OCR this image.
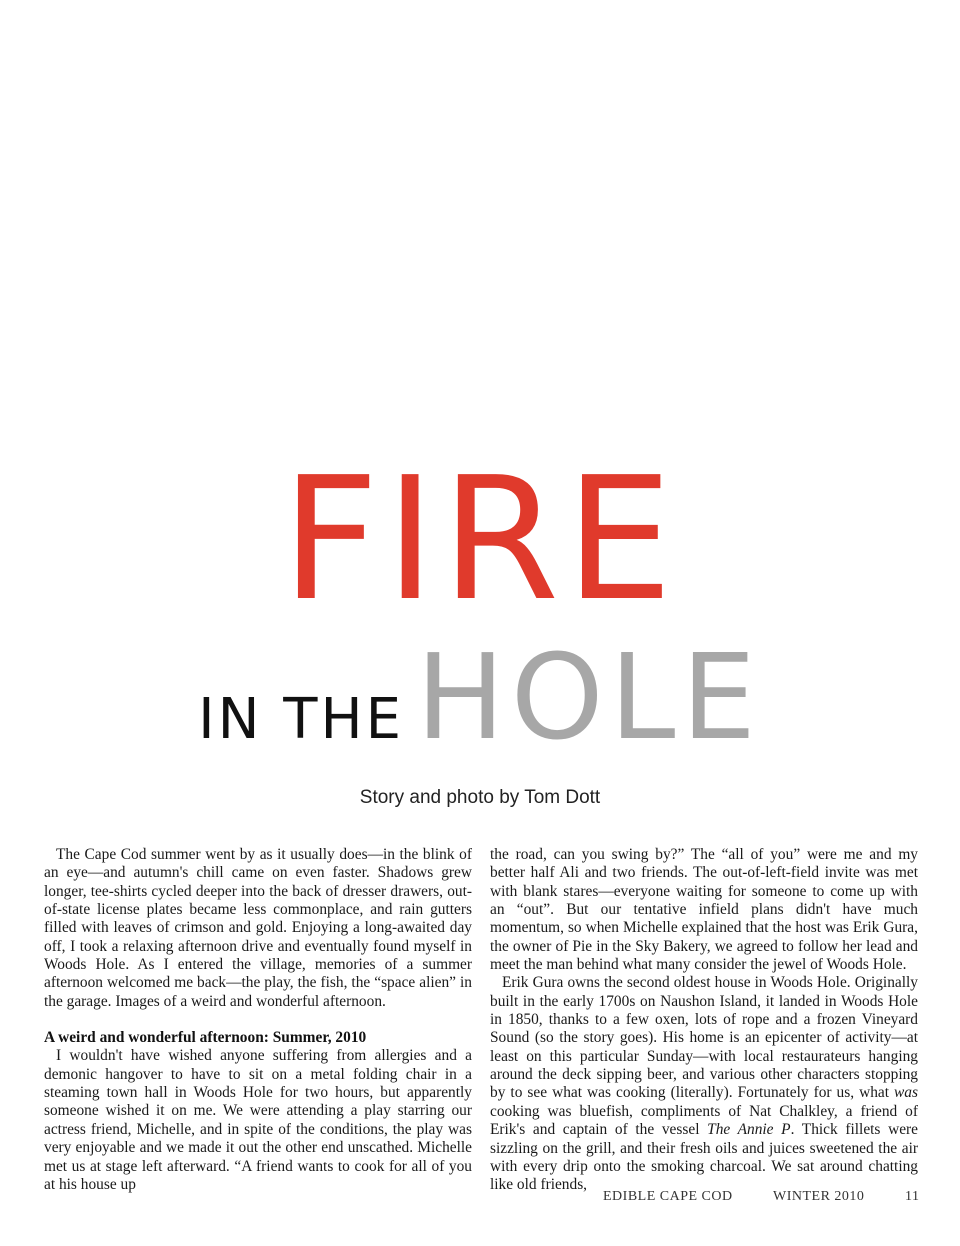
FIRE
IN THE HOLE
Story and photo by Tom Dott

The Cape Cod summer went by as it usually does—in the blink of an eye—and autumn's chill came on even faster. Shadows grew longer, tee-shirts cycled deeper into the back of dresser drawers, out-of-state license plates became less commonplace, and rain gutters filled with leaves of crimson and gold. Enjoying a long-awaited day off, I took a relaxing afternoon drive and eventually found myself in Woods Hole. As I entered the village, memories of a summer afternoon welcomed me back—the play, the fish, the “space alien” in the garage. Images of a weird and wonderful afternoon.

A weird and wonderful afternoon: Summer, 2010

I wouldn't have wished anyone suffering from allergies and a demonic hangover to have to sit on a metal folding chair in a steaming town hall in Woods Hole for two hours, but apparently someone wished it on me. We were attending a play starring our actress friend, Michelle, and in spite of the conditions, the play was very enjoyable and we made it out the other end unscathed. Michelle met us at stage left afterward. “A friend wants to cook for all of you at his house up

the road, can you swing by?” The “all of you” were me and my better half Ali and two friends. The out-of-left-field invite was met with blank stares—everyone waiting for someone to come up with an “out”. But our tentative infield plans didn't have much momentum, so when Michelle explained that the host was Erik Gura, the owner of Pie in the Sky Bakery, we agreed to follow her lead and meet the man behind what many consider the jewel of Woods Hole.

Erik Gura owns the second oldest house in Woods Hole. Originally built in the early 1700s on Naushon Island, it landed in Woods Hole in 1850, thanks to a few oxen, lots of rope and a frozen Vineyard Sound (so the story goes). His home is an epicenter of activity—at least on this particular Sunday—with local restaurateurs hanging around the deck sipping beer, and various other characters stopping by to see what was cooking (literally). Fortunately for us, what was cooking was bluefish, compliments of Nat Chalkley, a friend of Erik's and captain of the vessel The Annie P. Thick fillets were sizzling on the grill, and their fresh oils and juices sweetened the air with every drip onto the smoking charcoal. We sat around chatting like old friends,

EDIBLE CAPE COD	WINTER 2010	11
